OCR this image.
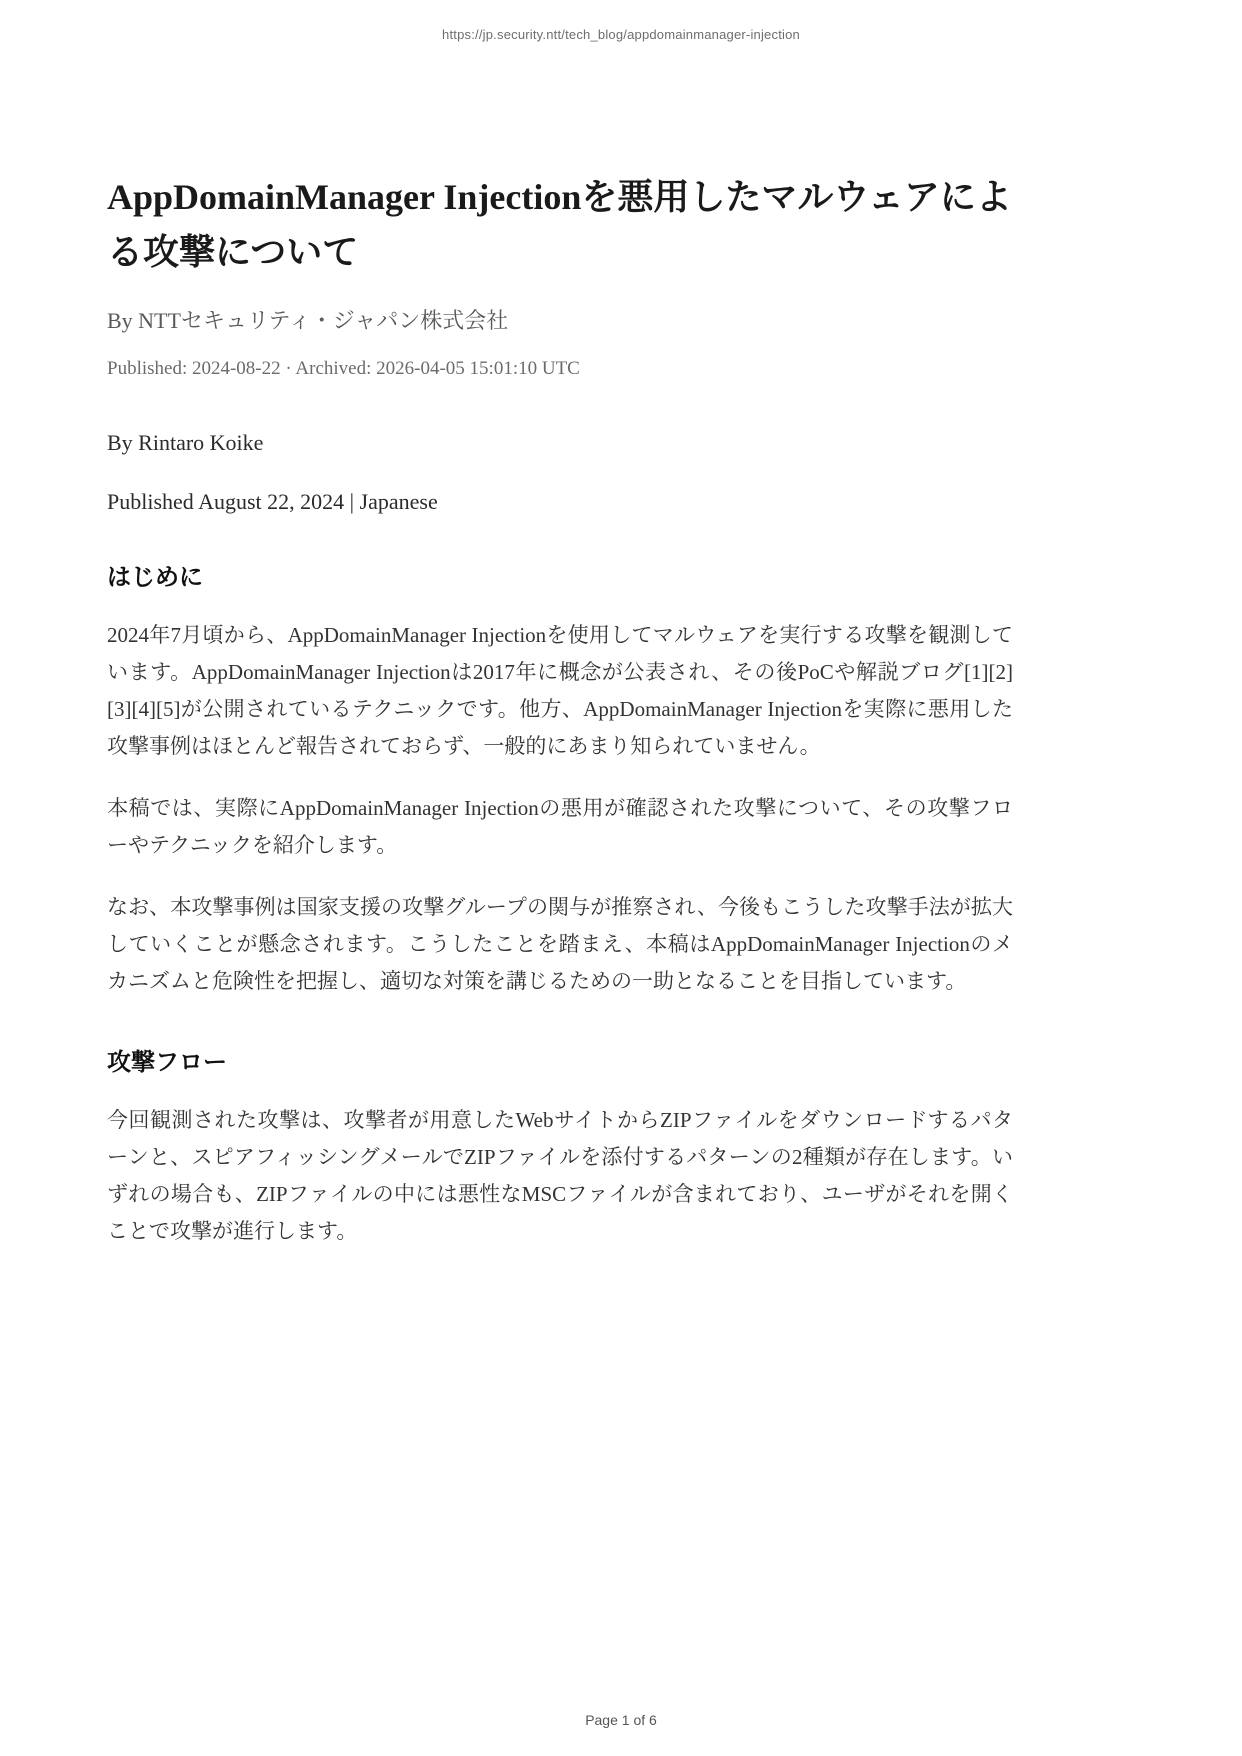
https://jp.security.ntt/tech_blog/appdomainmanager-injection
AppDomainManager Injectionを悪用したマルウェアによる攻撃について
By NTTセキュリティ・ジャパン株式会社
Published: 2024-08-22 · Archived: 2026-04-05 15:01:10 UTC
By Rintaro Koike
Published August 22, 2024 | Japanese
はじめに

2024年7月頃から、AppDomainManager Injectionを使用してマルウェアを実行する攻撃を観測しています。AppDomainManager Injectionは2017年に概念が公表され、その後PoCや解説ブログ[1][2][3][4][5]が公開されているテクニックです。他方、AppDomainManager Injectionを実際に悪用した攻撃事例はほとんど報告されておらず、一般的にあまり知られていません。

本稿では、実際にAppDomainManager Injectionの悪用が確認された攻撃について、その攻撃フローやテクニックを紹介します。

なお、本攻撃事例は国家支援の攻撃グループの関与が推察され、今後もこうした攻撃手法が拡大していくことが懸念されます。こうしたことを踏まえ、本稿はAppDomainManager Injectionのメカニズムと危険性を把握し、適切な対策を講じるための一助となることを目指しています。

攻撃フロー

今回観測された攻撃は、攻撃者が用意したWebサイトからZIPファイルをダウンロードするパターンと、スピアフィッシングメールでZIPファイルを添付するパターンの2種類が存在します。いずれの場合も、ZIPファイルの中には悪性なMSCファイルが含まれており、ユーザがそれを開くことで攻撃が進行します。

Page 1 of 6
